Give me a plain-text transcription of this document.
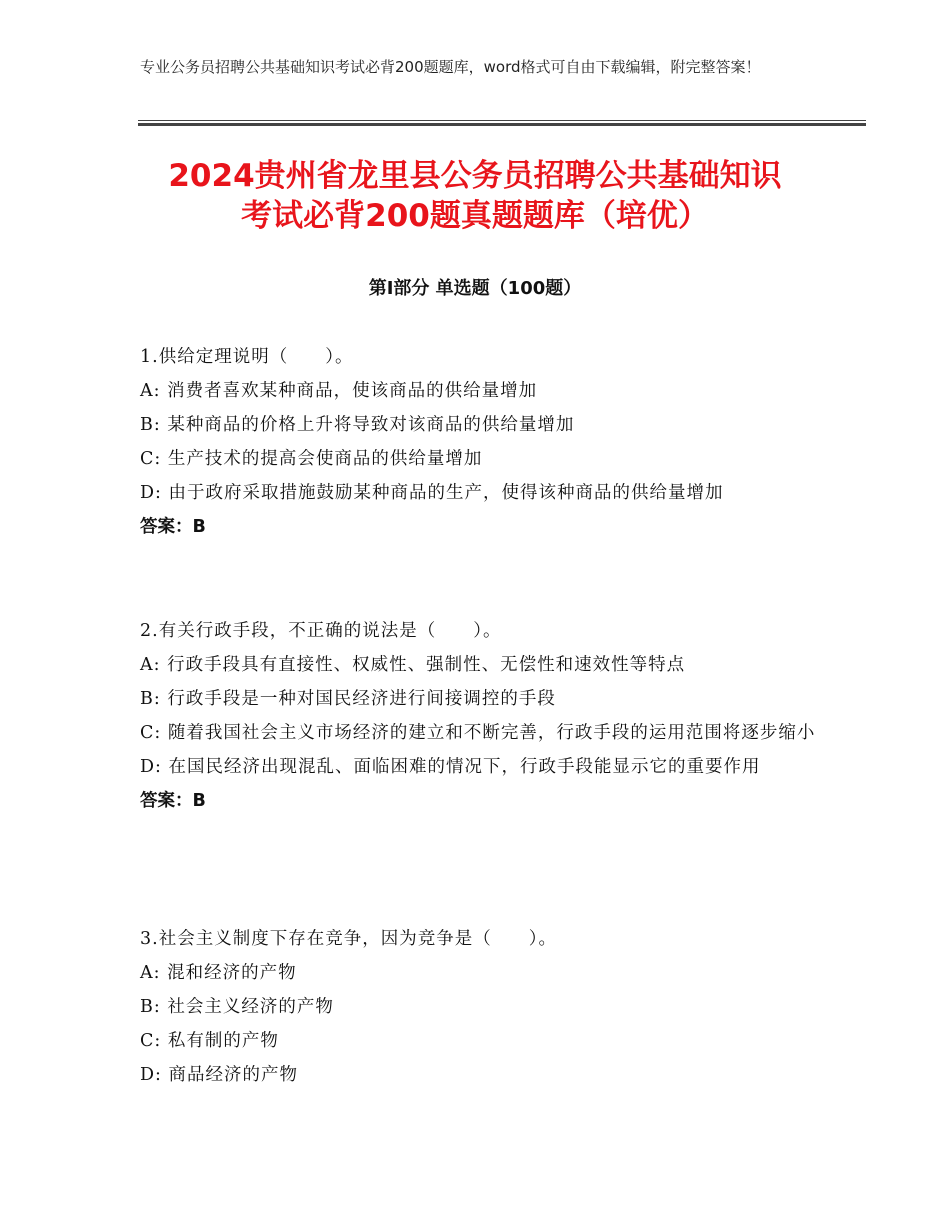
专业公务员招聘公共基础知识考试必背200题题库，word格式可自由下载编辑，附完整答案！
2024贵州省龙里县公务员招聘公共基础知识
考试必背200题真题题库（培优）
第I部分 单选题（100题）
1.供给定理说明（　　）。
A: 消费者喜欢某种商品，使该商品的供给量增加
B: 某种商品的价格上升将导致对该商品的供给量增加
C: 生产技术的提高会使商品的供给量增加
D: 由于政府采取措施鼓励某种商品的生产，使得该种商品的供给量增加
答案：B
2.有关行政手段，不正确的说法是（　　）。
A: 行政手段具有直接性、权威性、强制性、无偿性和速效性等特点
B: 行政手段是一种对国民经济进行间接调控的手段
C: 随着我国社会主义市场经济的建立和不断完善，行政手段的运用范围将逐步缩小
D: 在国民经济出现混乱、面临困难的情况下，行政手段能显示它的重要作用
答案：B
3.社会主义制度下存在竞争，因为竞争是（　　）。
A: 混和经济的产物
B: 社会主义经济的产物
C: 私有制的产物
D: 商品经济的产物
